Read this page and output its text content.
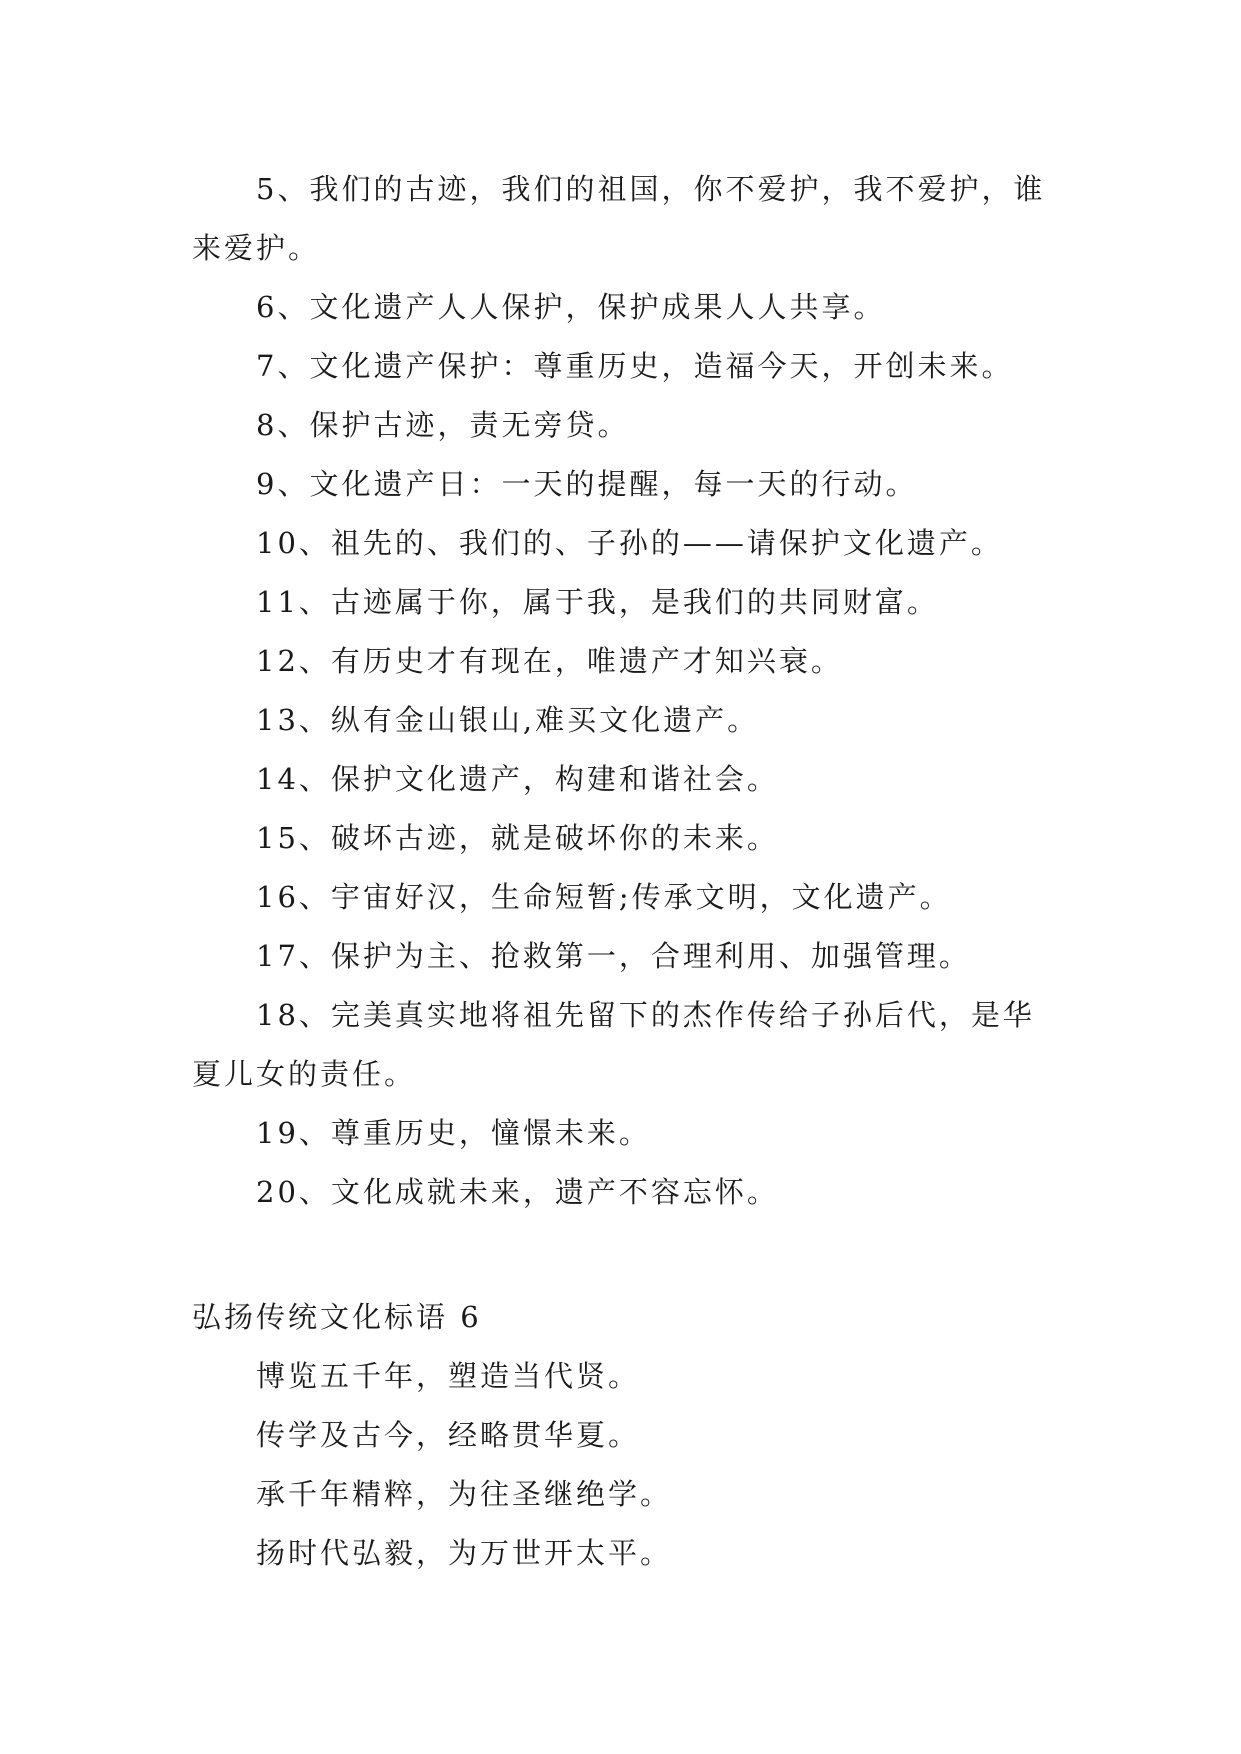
5、我们的古迹，我们的祖国，你不爱护，我不爱护，谁来爱护。

6、文化遗产人人保护，保护成果人人共享。

7、文化遗产保护：尊重历史，造福今天，开创未来。

8、保护古迹，责无旁贷。

9、文化遗产日：一天的提醒，每一天的行动。

10、祖先的、我们的、子孙的——请保护文化遗产。

11、古迹属于你，属于我，是我们的共同财富。

12、有历史才有现在，唯遗产才知兴衰。

13、纵有金山银山,难买文化遗产。

14、保护文化遗产，构建和谐社会。

15、破坏古迹，就是破坏你的未来。

16、宇宙好汉，生命短暂;传承文明，文化遗产。

17、保护为主、抢救第一，合理利用、加强管理。

18、完美真实地将祖先留下的杰作传给子孙后代，是华夏儿女的责任。

19、尊重历史，憧憬未来。

20、文化成就未来，遗产不容忘怀。

弘扬传统文化标语 6

博览五千年，塑造当代贤。

传学及古今，经略贯华夏。

承千年精粹，为往圣继绝学。

扬时代弘毅，为万世开太平。
